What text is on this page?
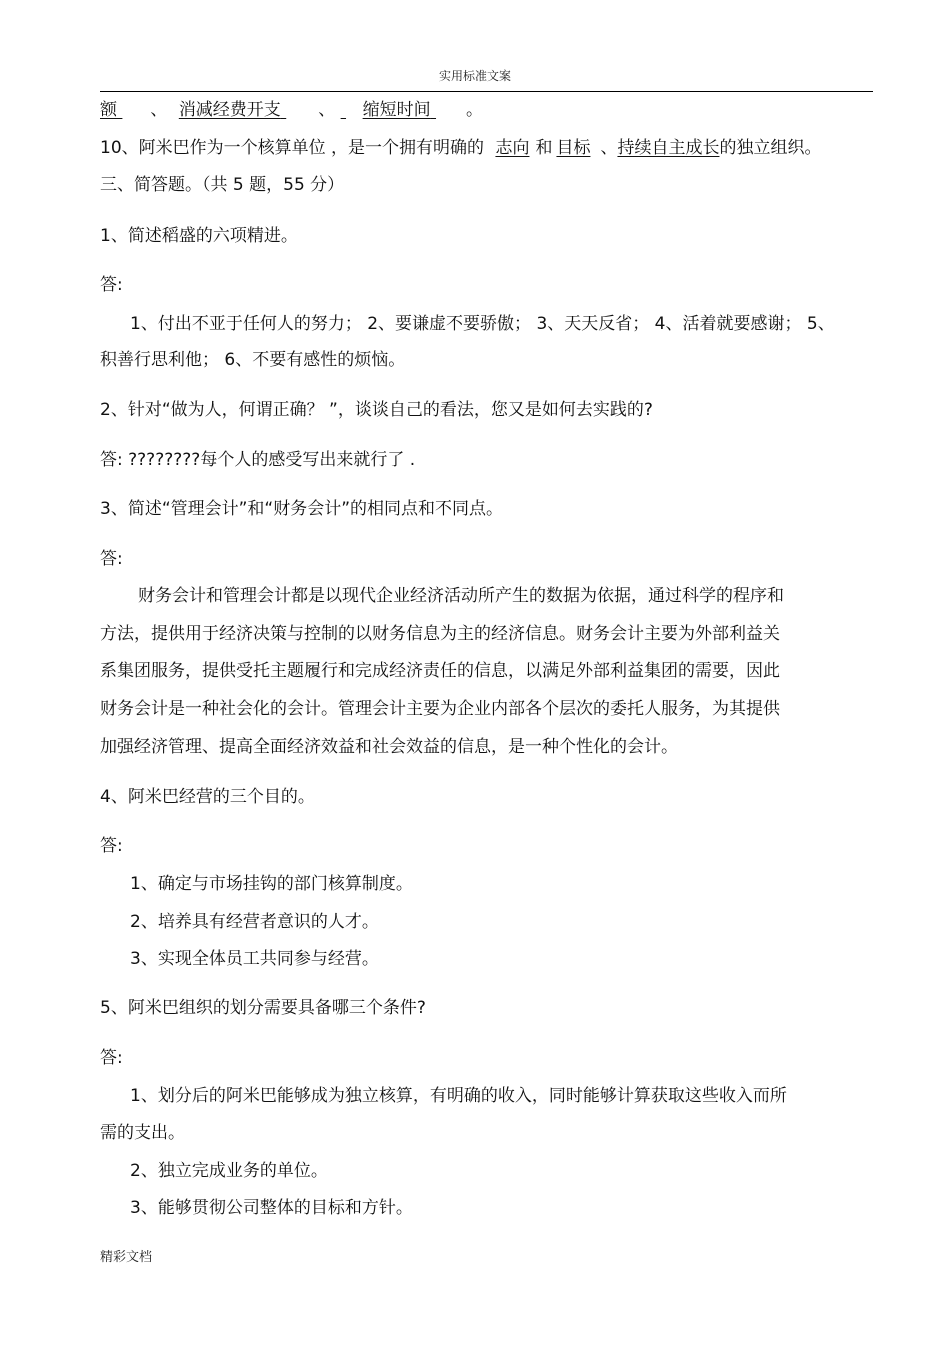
实用标准文案
额 、 消减经费开支 、 缩短时间 。
10、阿米巴作为一个核算单位 ，是一个拥有明确的 志向 和 目标 、持续自主成长的独立组织。
三、简答题。（共 5 题，55 分）
1、简述稻盛的六项精进。
答:
1、付出不亚于任何人的努力； 2、要谦虚不要骄傲； 3、天天反省； 4、活着就要感谢； 5、
积善行思利他； 6、不要有感性的烦恼。
2、针对“做为人，何谓正确？ ”，谈谈自己的看法，您又是如何去实践的?
答: ????????每个人的感受写出来就行了 .
3、简述“管理会计”和“财务会计”的相同点和不同点。
答:
财务会计和管理会计都是以现代企业经济活动所产生的数据为依据，通过科学的程序和
方法，提供用于经济决策与控制的以财务信息为主的经济信息。财务会计主要为外部利益关
系集团服务，提供受托主题履行和完成经济责任的信息，以满足外部利益集团的需要，因此
财务会计是一种社会化的会计。管理会计主要为企业内部各个层次的委托人服务，为其提供
加强经济管理、提高全面经济效益和社会效益的信息，是一种个性化的会计。
4、阿米巴经营的三个目的。
答:
1、确定与市场挂钩的部门核算制度。
2、培养具有经营者意识的人才。
3、实现全体员工共同参与经营。
5、阿米巴组织的划分需要具备哪三个条件?
答:
1、划分后的阿米巴能够成为独立核算，有明确的收入，同时能够计算获取这些收入而所
需的支出。
2、独立完成业务的单位。
3、能够贯彻公司整体的目标和方针。
精彩文档
